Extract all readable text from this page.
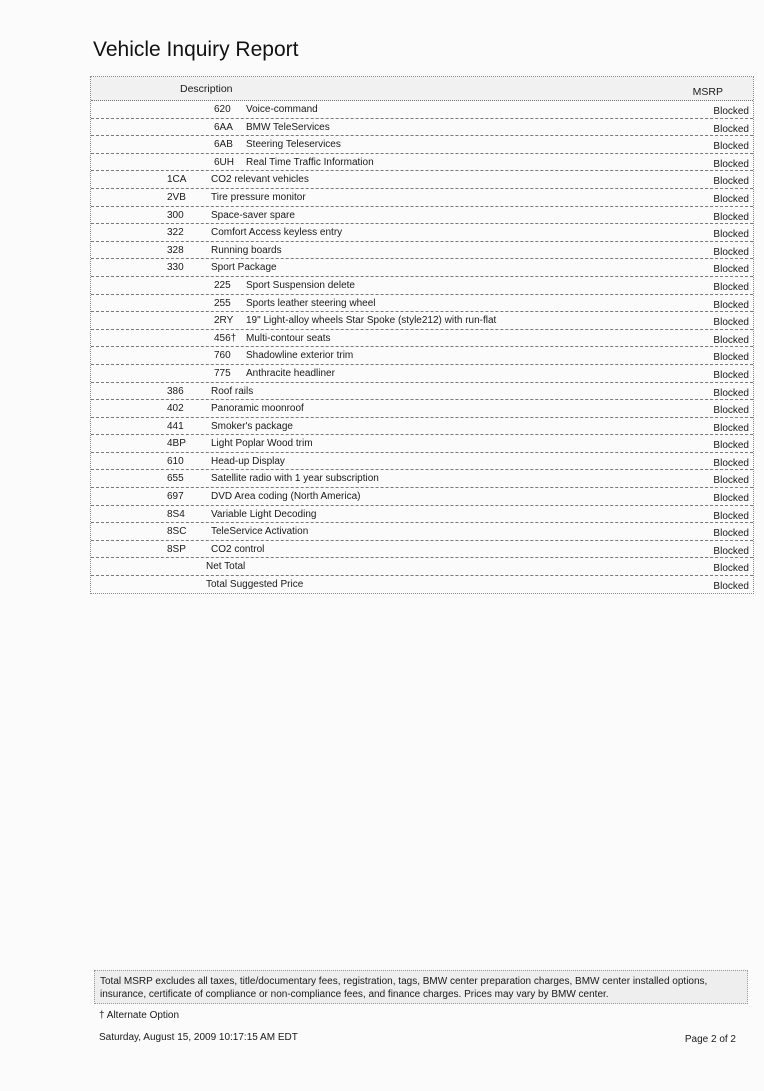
Vehicle Inquiry Report
Description	MSRP
620 Voice-command	Blocked
6AA BMW TeleServices	Blocked
6AB Steering Teleservices	Blocked
6UH Real Time Traffic Information	Blocked
1CA CO2 relevant vehicles	Blocked
2VB	Tire pressure monitor	Blocked
300	Space-saver spare	Blocked
322	Comfort Access keyless entry	Blocked
328	Running boards	Blocked
330	Sport Package	Blocked
225 Sport Suspension delete	Blocked
255 Sports leather steering wheel	Blocked
2RY 19" Light-alloy wheels Star Spoke (style212) with run-flat	Blocked
456† Multi-contour seats	Blocked
760 Shadowline exterior trim	Blocked
775 Anthracite headliner	Blocked
386	Roof rails	Blocked
402	Panoramic moonroof	Blocked
441	Smoker's package	Blocked
4BP	Light Poplar Wood trim	Blocked
610	Head-up Display	Blocked
655	Satellite radio with 1 year subscription	Blocked
697	DVD Area coding (North America)	Blocked
8S4	Variable Light Decoding	Blocked
8SC TeleService Activation	Blocked
8SP	CO2 control	Blocked
Net Total	Blocked
Total Suggested Price	Blocked
Total MSRP excludes all taxes, title/documentary fees, registration, tags, BMW center preparation charges, BMW center installed options,
insurance, certificate of compliance or non-compliance fees, and finance charges. Prices may vary by BMW center.
† Alternate Option
Saturday, August 15, 2009 10:17:15 AM EDT	Page 2 of 2
